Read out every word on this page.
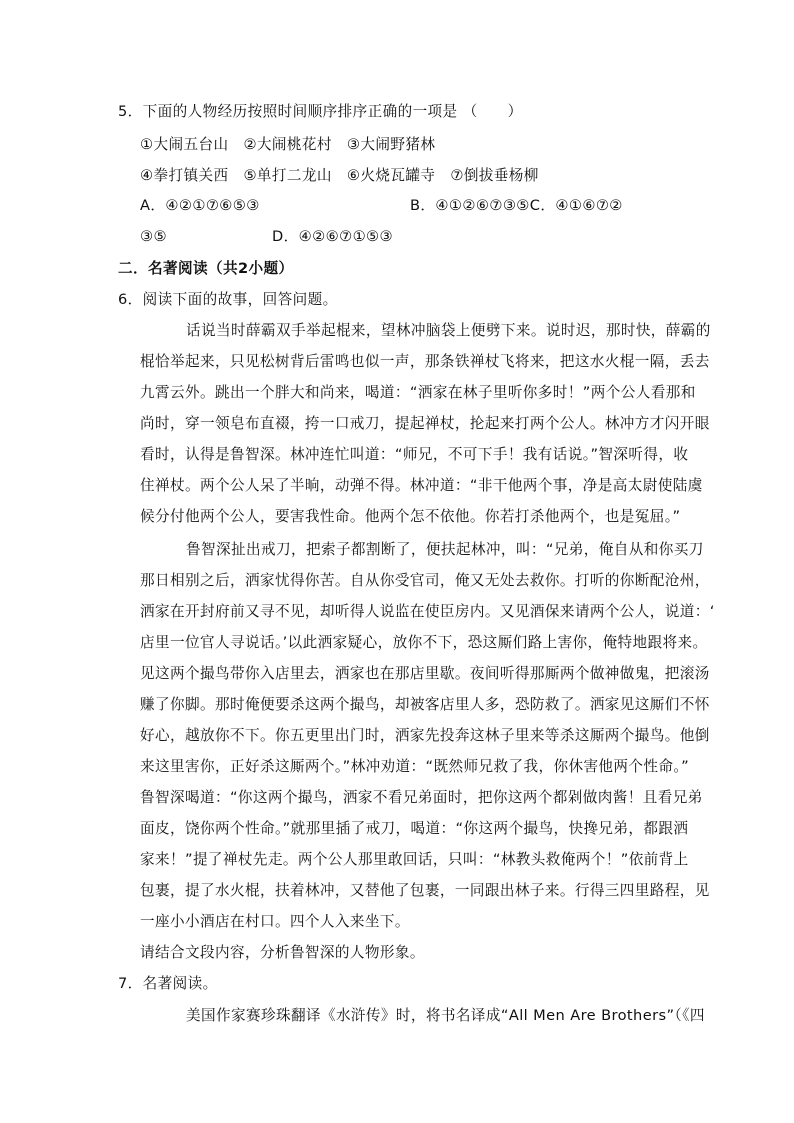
5．下面的人物经历按照时间顺序排序正确的一项是 （　　）
①大闹五台山　②大闹桃花村　③大闹野猪林
④拳打镇关西　⑤单打二龙山　⑥火烧瓦罐寺　⑦倒拔垂杨柳
A．④②①⑦⑥⑤③	B．④①②⑥⑦③⑤C．④①⑥⑦②
③⑤	D．④②⑥⑦①⑤③
二．名著阅读（共2小题）
6．阅读下面的故事，回答问题。
话说当时薛霸双手举起棍来，望林冲脑袋上便劈下来。说时迟，那时快，薛霸的
棍恰举起来，只见松树背后雷鸣也似一声，那条铁禅杖飞将来，把这水火棍一隔，丢去
九霄云外。跳出一个胖大和尚来，喝道：“洒家在林子里听你多时！”两个公人看那和
尚时，穿一领皂布直裰，挎一口戒刀，提起禅杖，抡起来打两个公人。林冲方才闪开眼
看时，认得是鲁智深。林冲连忙叫道：“师兄，不可下手！我有话说。”智深听得，收
住禅杖。两个公人呆了半晌，动弹不得。林冲道：“非干他两个事，净是高太尉使陆虞
候分付他两个公人，要害我性命。他两个怎不依他。你若打杀他两个，也是冤屈。”
鲁智深扯出戒刀，把索子都割断了，便扶起林冲，叫：“兄弟，俺自从和你买刀
那日相别之后，洒家忧得你苦。自从你受官司，俺又无处去救你。打听的你断配沧州，
洒家在开封府前又寻不见，却听得人说监在使臣房内。又见酒保来请两个公人，说道：‘
店里一位官人寻说话。’以此洒家疑心，放你不下，恐这厮们路上害你，俺特地跟将来。
见这两个撮鸟带你入店里去，洒家也在那店里歇。夜间听得那厮两个做神做鬼，把滚汤
赚了你脚。那时俺便要杀这两个撮鸟，却被客店里人多，恐防救了。洒家见这厮们不怀
好心，越放你不下。你五更里出门时，洒家先投奔这林子里来等杀这厮两个撮鸟。他倒
来这里害你，正好杀这厮两个。”林冲劝道：“既然师兄救了我，你休害他两个性命。”
鲁智深喝道：“你这两个撮鸟，洒家不看兄弟面时，把你这两个都剁做肉酱！且看兄弟
面皮，饶你两个性命。”就那里插了戒刀，喝道：“你这两个撮鸟，快搀兄弟，都跟洒
家来！”提了禅杖先走。两个公人那里敢回话，只叫：“林教头救俺两个！”依前背上
包裹，提了水火棍，扶着林冲，又替他了包裹，一同跟出林子来。行得三四里路程，见
一座小小酒店在村口。四个人入来坐下。
请结合文段内容，分析鲁智深的人物形象。
7．名著阅读。
美国作家赛珍珠翻译《水浒传》时，将书名译成“All Men Are Brothers”（《四
